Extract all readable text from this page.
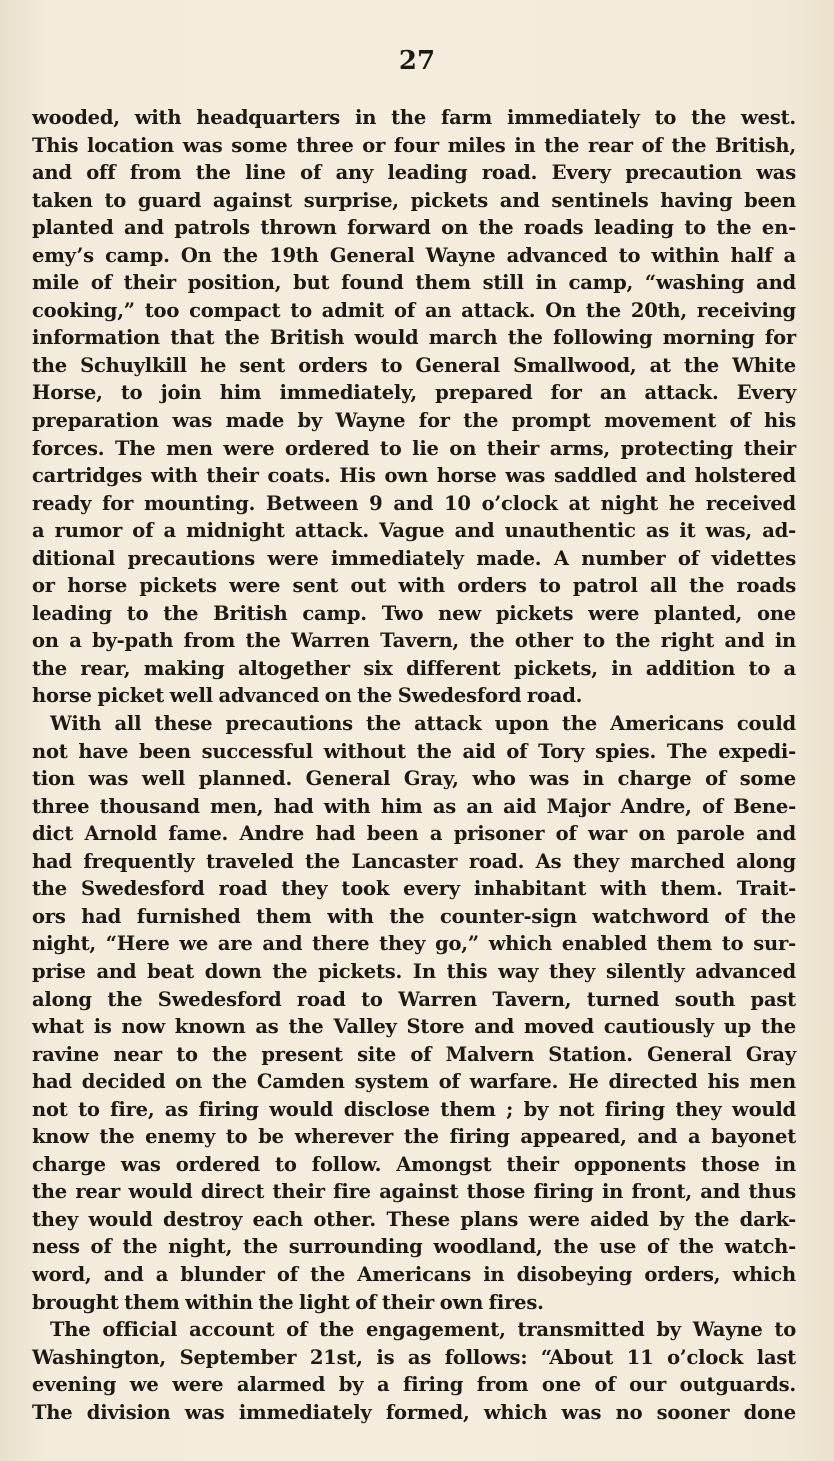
27
wooded, with headquarters in the farm immediately to the west.
This location was some three or four miles in the rear of the British,
and off from the line of any leading road. Every precaution was
taken to guard against surprise, pickets and sentinels having been
planted and patrols thrown forward on the roads leading to the en-
emy’s camp. On the 19th General Wayne advanced to within half a
mile of their position, but found them still in camp, “washing and
cooking,” too compact to admit of an attack. On the 20th, receiving
information that the British would march the following morning for
the Schuylkill he sent orders to General Smallwood, at the White
Horse, to join him immediately, prepared for an attack. Every
preparation was made by Wayne for the prompt movement of his
forces. The men were ordered to lie on their arms, protecting their
cartridges with their coats. His own horse was saddled and holstered
ready for mounting. Between 9 and 10 o’clock at night he received
a rumor of a midnight attack. Vague and unauthentic as it was, ad-
ditional precautions were immediately made. A number of videttes
or horse pickets were sent out with orders to patrol all the roads
leading to the British camp. Two new pickets were planted, one
on a by-path from the Warren Tavern, the other to the right and in
the rear, making altogether six different pickets, in addition to a
horse picket well advanced on the Swedesford road.
With all these precautions the attack upon the Americans could
not have been successful without the aid of Tory spies. The expedi-
tion was well planned. General Gray, who was in charge of some
three thousand men, had with him as an aid Major Andre, of Bene-
dict Arnold fame. Andre had been a prisoner of war on parole and
had frequently traveled the Lancaster road. As they marched along
the Swedesford road they took every inhabitant with them. Trait-
ors had furnished them with the counter-sign watchword of the
night, “Here we are and there they go,” which enabled them to sur-
prise and beat down the pickets. In this way they silently advanced
along the Swedesford road to Warren Tavern, turned south past
what is now known as the Valley Store and moved cautiously up the
ravine near to the present site of Malvern Station. General Gray
had decided on the Camden system of warfare. He directed his men
not to fire, as firing would disclose them ; by not firing they would
know the enemy to be wherever the firing appeared, and a bayonet
charge was ordered to follow. Amongst their opponents those in
the rear would direct their fire against those firing in front, and thus
they would destroy each other. These plans were aided by the dark-
ness of the night, the surrounding woodland, the use of the watch-
word, and a blunder of the Americans in disobeying orders, which
brought them within the light of their own fires.
The official account of the engagement, transmitted by Wayne to
Washington, September 21st, is as follows: “About 11 o’clock last
evening we were alarmed by a firing from one of our outguards.
The division was immediately formed, which was no sooner done
